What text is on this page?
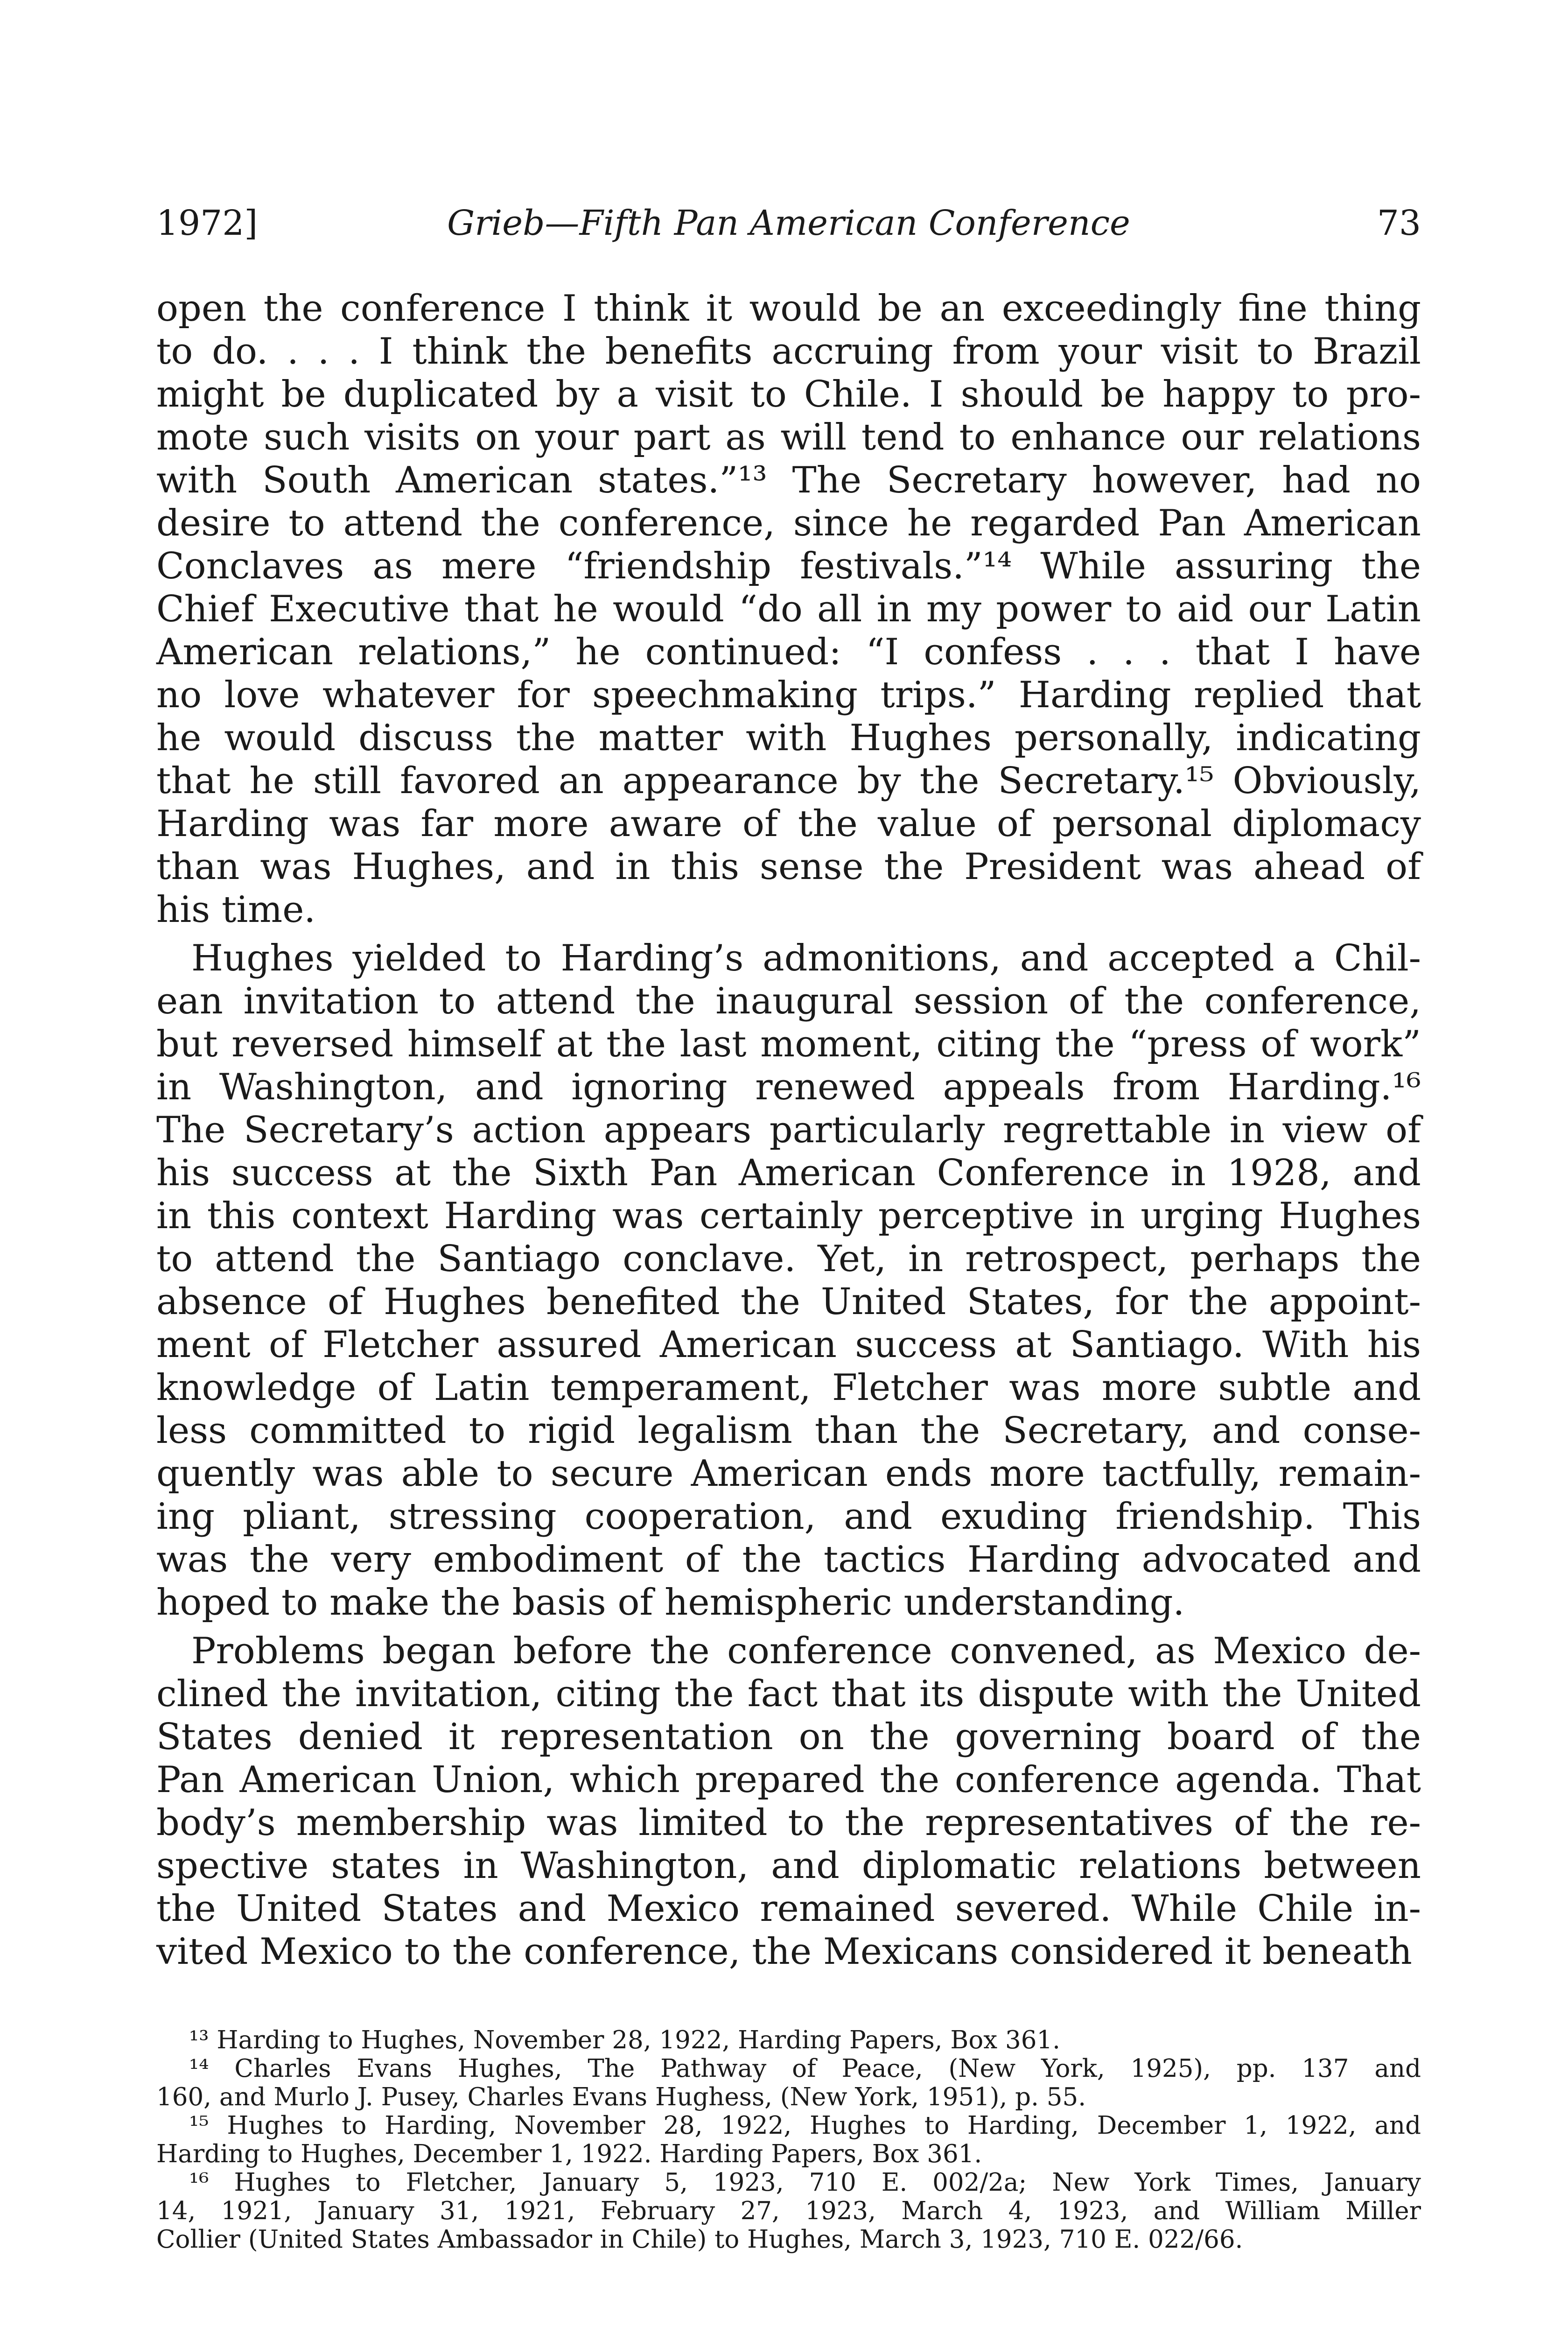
1972]	Grieb—Fifth Pan American Conference	73
open the conference I think it would be an exceedingly fine thing
to do. . . . I think the benefits accruing from your visit to Brazil
might be duplicated by a visit to Chile. I should be happy to pro-
mote such visits on your part as will tend to enhance our relations
with South American states.”¹³ The Secretary however, had no
desire to attend the conference, since he regarded Pan American
Conclaves as mere “friendship festivals.”¹⁴ While assuring the
Chief Executive that he would “do all in my power to aid our Latin
American relations,” he continued: “I confess . . . that I have
no love whatever for speechmaking trips.” Harding replied that
he would discuss the matter with Hughes personally, indicating
that he still favored an appearance by the Secretary.¹⁵ Obviously,
Harding was far more aware of the value of personal diplomacy
than was Hughes, and in this sense the President was ahead of
his time.
Hughes yielded to Harding’s admonitions, and accepted a Chil-
ean invitation to attend the inaugural session of the conference,
but reversed himself at the last moment, citing the “press of work”
in Washington, and ignoring renewed appeals from Harding.¹⁶
The Secretary’s action appears particularly regrettable in view of
his success at the Sixth Pan American Conference in 1928, and
in this context Harding was certainly perceptive in urging Hughes
to attend the Santiago conclave. Yet, in retrospect, perhaps the
absence of Hughes benefited the United States, for the appoint-
ment of Fletcher assured American success at Santiago. With his
knowledge of Latin temperament, Fletcher was more subtle and
less committed to rigid legalism than the Secretary, and conse-
quently was able to secure American ends more tactfully, remain-
ing pliant, stressing cooperation, and exuding friendship. This
was the very embodiment of the tactics Harding advocated and
hoped to make the basis of hemispheric understanding.
Problems began before the conference convened, as Mexico de-
clined the invitation, citing the fact that its dispute with the United
States denied it representation on the governing board of the
Pan American Union, which prepared the conference agenda. That
body’s membership was limited to the representatives of the re-
spective states in Washington, and diplomatic relations between
the United States and Mexico remained severed. While Chile in-
vited Mexico to the conference, the Mexicans considered it beneath
¹³ Harding to Hughes, November 28, 1922, Harding Papers, Box 361.
¹⁴ Charles Evans Hughes, The Pathway of Peace, (New York, 1925), pp. 137 and
160, and Murlo J. Pusey, Charles Evans Hughess, (New York, 1951), p. 55.
¹⁵ Hughes to Harding, November 28, 1922, Hughes to Harding, December 1, 1922, and
Harding to Hughes, December 1, 1922. Harding Papers, Box 361.
¹⁶ Hughes to Fletcher, January 5, 1923, 710 E. 002/2a; New York Times, January
14, 1921, January 31, 1921, February 27, 1923, March 4, 1923, and William Miller
Collier (United States Ambassador in Chile) to Hughes, March 3, 1923, 710 E. 022/66.
